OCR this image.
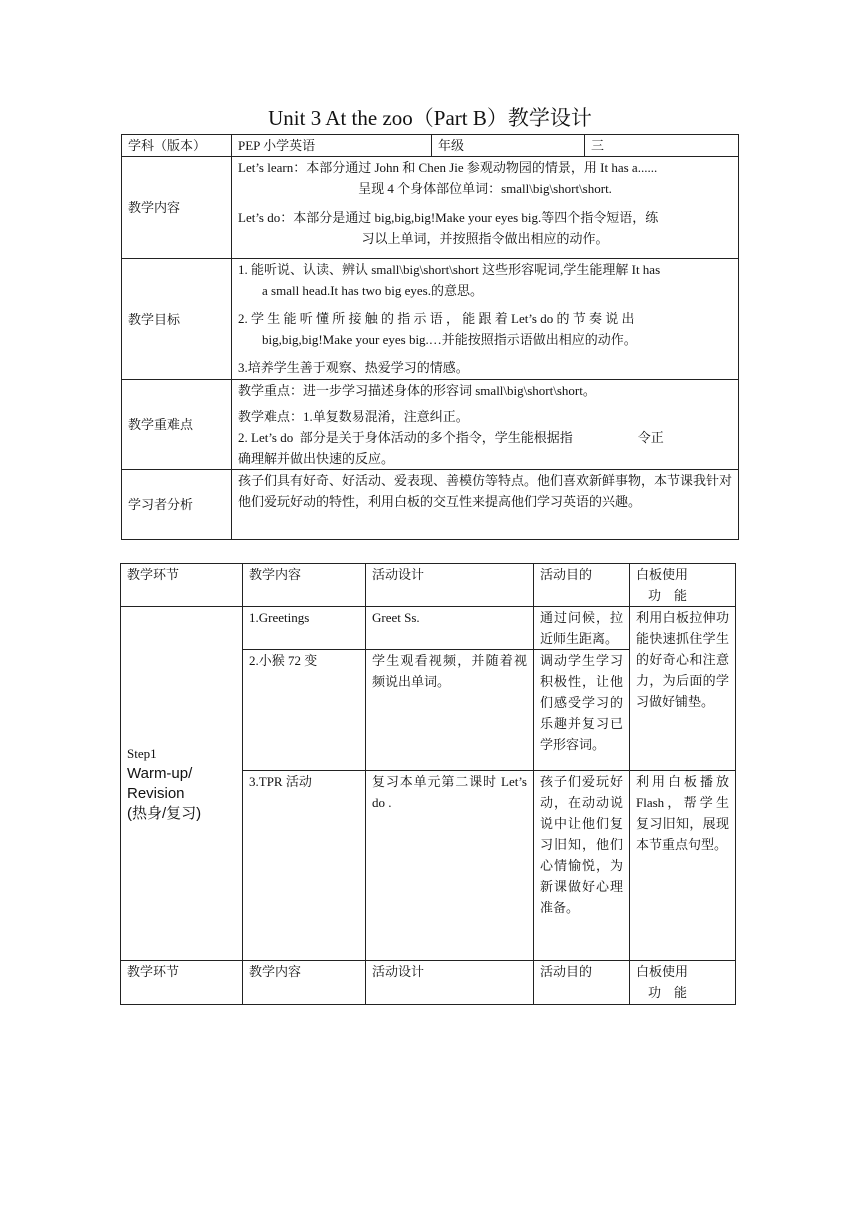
Unit 3 At the zoo（Part B）教学设计
学科（版本）	PEP 小学英语	年级	三
教学内容	Let’s learn：本部分通过 John 和 Chen Jie 参观动物园的情景，用 It has a......

呈现 4 个身体部位单词：small\big\short\short.

Let’s do：本部分是通过 big,big,big!Make your eyes big.等四个指令短语，练

习以上单词，并按照指令做出相应的动作。		

教学目标	1. 能听说、认读、辨认 small\big\short\short 这些形容呢词,学生能理解 It has

a small head.It has two big eyes.的意思。

2. 学 生 能 听 懂 所 接 触 的 指 示 语 ， 能 跟 着 Let’s do 的 节 奏 说 出

big,big,big!Make your eyes big.…并能按照指示语做出相应的动作。

3.培养学生善于观察、热爱学习的情感。		

教学重难点	教学重点：进一步学习描述身体的形容词 small\big\short\short。

教学难点：1.单复数易混淆，注意纠正。

2. Let’s do  部分是关于身体活动的多个指令，学生能根据指                    令正

确理解并做出快速的反应。		

学习者分析	孩子们具有好奇、好活动、爱表现、善模仿等特点。他们喜欢新鲜事物，本节课我针对他们爱玩好动的特性，利用白板的交互性来提高他们学习英语的兴趣。		
教学环节	教学内容	活动设计	活动目的	白板使用
功    能

Step1
Warm-up/
Revision
(热身/复习)	1.Greetings	Greet Ss.	通过问候，拉近师生距离。	利用白板拉伸功能快速抓住学生的好奇心和注意力，为后面的学习做好铺垫。
	2.小猴 72 变	学生观看视频，并随着视频说出单词。	调动学生学习积极性，让他们感受学习的乐趣并复习已学形容词。	
	3.TPR 活动	复习本单元第二课时 Let’s do .	孩子们爱玩好动，在动动说说中让他们复习旧知，他们心情愉悦，为新课做好心理准备。	利用白板播放 Flash，帮学生复习旧知，展现本节重点句型。
教学环节	教学内容	活动设计	活动目的	白板使用
功    能
